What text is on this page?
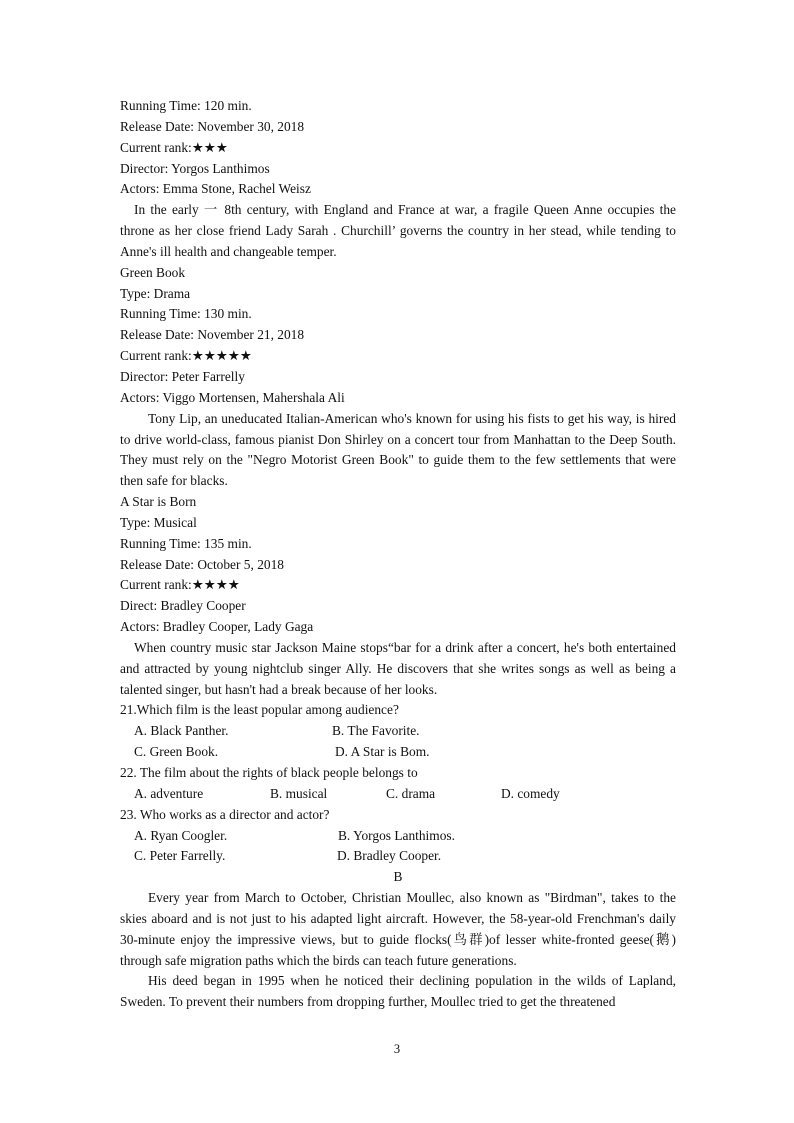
Running Time: 120 min.
Release Date: November 30, 2018
Current rank:★★★
Director: Yorgos Lanthimos
Actors: Emma Stone, Rachel Weisz
In the early 一 8th century, with England and France at war, a fragile Queen Anne occupies the throne as her close friend Lady Sarah . Churchill’ governs the country in her stead, while tending to Anne's ill health and changeable temper.
Green Book
Type: Drama
Running Time: 130 min.
Release Date: November 21, 2018
Current rank:★★★★★
Director: Peter Farrelly
Actors: Viggo Mortensen, Mahershala Ali
Tony Lip, an uneducated Italian-American who's known for using his fists to get his way, is hired to drive world-class, famous pianist Don Shirley on a concert tour from Manhattan to the Deep South. They must rely on the "Negro Motorist Green Book" to guide them to the few settlements that were then safe for blacks.
A Star is Born
Type: Musical
Running Time: 135 min.
Release Date: October 5, 2018
Current rank:★★★★
Direct: Bradley Cooper
Actors: Bradley Cooper, Lady Gaga
When country music star Jackson Maine stops“bar for a drink after a concert, he's both entertained and attracted by young nightclub singer Ally. He discovers that she writes songs as well as being a talented singer, but hasn't had a break because of her looks.
21.Which film is the least popular among audience?
A. Black Panther.	B. The Favorite.
C. Green Book.	D. A Star is Bom.
22. The film about the rights of black people belongs to
A. adventure	B. musical	C. drama	D. comedy
23. Who works as a director and actor?
A. Ryan Coogler.	B. Yorgos Lanthimos.
C. Peter Farrelly.	D. Bradley Cooper.
B
Every year from March to October, Christian Moullec, also known as "Birdman", takes to the skies aboard and is not just to his adapted light aircraft. However, the 58-year-old Frenchman's daily 30-minute enjoy the impressive views, but to guide flocks(鸟群)of lesser white-fronted geese(鹅) through safe migration paths which the birds can teach future generations.
His deed began in 1995 when he noticed their declining population in the wilds of Lapland, Sweden. To prevent their numbers from dropping further, Moullec tried to get the threatened
3
